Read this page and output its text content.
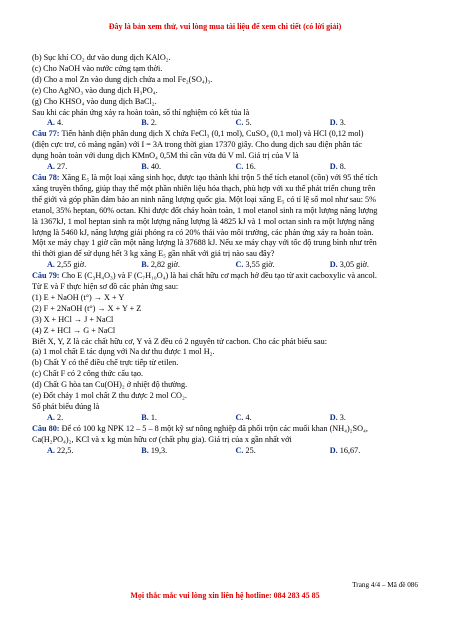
Đây là bản xem thử, vui lòng mua tài liệu để xem chi tiết (có lời giải)
(b) Sục khí CO₂ dư vào dung dịch KAlO₂.
(c) Cho NaOH vào nước cứng tạm thời.
(d) Cho a mol Zn vào dung dịch chứa a mol Fe₂(SO₄)₃.
(e) Cho AgNO₃ vào dung dịch H₃PO₄.
(g) Cho KHSO₄ vào dung dịch BaCl₂.
Sau khi các phản ứng xảy ra hoàn toàn, số thí nghiệm có kết tủa là
A. 4.	B. 2.	C. 5.	D. 3.
Câu 77: Tiến hành điện phân dung dịch X chứa FeCl₃ (0,1 mol), CuSO₄ (0,1 mol) và HCl (0,12 mol)
(điện cực trơ, có màng ngăn) với I = 3A trong thời gian 17370 giây. Cho dung dịch sau điện phân tác
dụng hoàn toàn với dung dịch KMnO₄ 0,5M thì cần vừa đủ V ml. Giá trị của V là
A. 27.	B. 40.	C. 16.	D. 8.
Câu 78: Xăng E₅ là một loại xăng sinh học, được tạo thành khi trộn 5 thể tích etanol (cồn) với 95 thể tích
xăng truyền thống, giúp thay thế một phần nhiên liệu hóa thạch, phù hợp với xu thế phát triển chung trên
thế giới và góp phần đảm bảo an ninh năng lượng quốc gia. Một loại xăng E₅ có tỉ lệ số mol như sau: 5%
etanol, 35% heptan, 60% octan. Khi được đốt cháy hoàn toàn, 1 mol etanol sinh ra một lượng năng lượng
là 1367kJ, 1 mol heptan sinh ra một lượng năng lượng là 4825 kJ và 1 mol octan sinh ra một lượng năng
lượng là 5460 kJ, năng lượng giải phóng ra có 20% thải vào môi trường, các phản ứng xảy ra hoàn toàn.
Một xe máy chạy 1 giờ cần một năng lượng là 37688 kJ. Nếu xe máy chạy với tốc độ trung bình như trên
thì thời gian để sử dụng hết 3 kg xăng E₅ gần nhất với giá trị nào sau đây?
A. 2,55 giờ.	B. 2,82 giờ.	C. 3,55 giờ.	D. 3,05 giờ.
Câu 79: Cho E (C₃H₄O₃) và F (C₇H₁₀O₄) là hai chất hữu cơ mạch hở đều tạo từ axit cacboxylic và ancol.
Từ E và F thực hiện sơ đồ các phản ứng sau:
(1) E + NaOH (t°) → X + Y
(2) F + 2NaOH (t°) → X + Y + Z
(3) X + HCl → J + NaCl
(4) Z + HCl → G + NaCl
Biết X, Y, Z là các chất hữu cơ, Y và Z đều có 2 nguyên tử cacbon. Cho các phát biểu sau:
(a) 1 mol chất E tác dụng với Na dư thu được 1 mol H₂.
(b) Chất Y có thể điều chế trực tiếp từ etilen.
(c) Chất F có 2 công thức cấu tạo.
(d) Chất G hòa tan Cu(OH)₂ ở nhiệt độ thường.
(e) Đốt cháy 1 mol chất Z thu được 2 mol CO₂.
Số phát biểu đúng là
A. 2.	B. 1.	C. 4.	D. 3.
Câu 80: Để có 100 kg NPK 12 – 5 – 8 một kỹ sư nông nghiệp đã phối trộn các muối khan (NH₄)₂SO₄,
Ca(H₂PO₄)₂, KCl và x kg mùn hữu cơ (chất phụ gia). Giá trị của x gần nhất với
A. 22,5.	B. 19,3.	C. 25.	D. 16,67.
Trang 4/4 – Mã đề 086
Mọi thắc mắc vui lòng xin liên hệ hotline: 084 283 45 85
